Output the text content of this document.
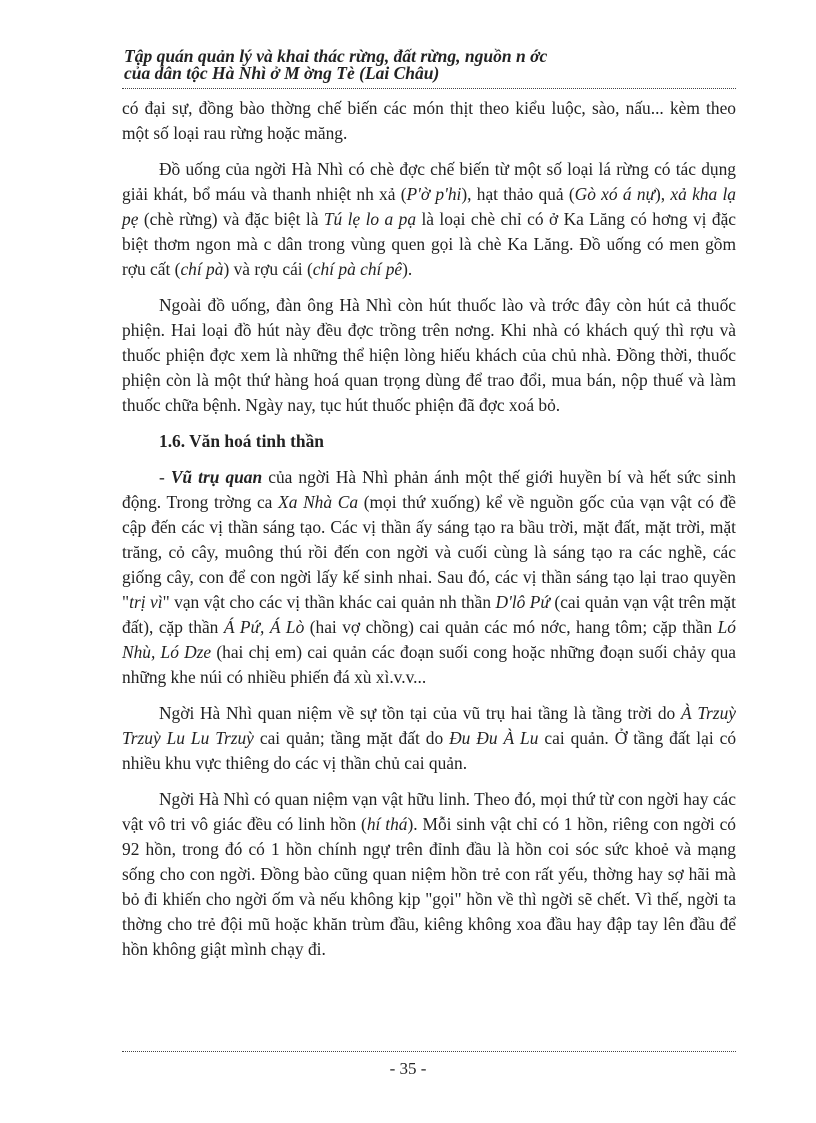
Tập quán quản lý và khai thác rừng, đất rừng, nguồn n ớc
của dân tộc Hà Nhì ở M ờng Tè (Lai Châu)

có đại sự, đồng bào thờng chế biến các món thịt theo kiểu luộc, sào, nấu... kèm theo một số loại rau rừng hoặc măng.

Đồ uống của ngời Hà Nhì có chè đợc chế biến từ một số loại lá rừng có tác dụng giải khát, bổ máu và thanh nhiệt nh xả (P'ờ p'hi), hạt thảo quả (Gò xó á nự), xả kha lạ pẹ (chè rừng) và đặc biệt là Tú lẹ lo a pạ là loại chè chỉ có ở Ka Lăng có hơng vị đặc biệt thơm ngon mà c dân trong vùng quen gọi là chè Ka Lăng. Đồ uống có men gồm rợu cất (chí pà) và rợu cái (chí pà chí pê).

Ngoài đồ uống, đàn ông Hà Nhì còn hút thuốc lào và trớc đây còn hút cả thuốc phiện. Hai loại đồ hút này đều đợc trồng trên nơng. Khi nhà có khách quý thì rợu và thuốc phiện đợc xem là những thể hiện lòng hiếu khách của chủ nhà. Đồng thời, thuốc phiện còn là một thứ hàng hoá quan trọng dùng để trao đổi, mua bán, nộp thuế và làm thuốc chữa bệnh. Ngày nay, tục hút thuốc phiện đã đợc xoá bỏ.

1.6. Văn hoá tinh thần

- Vũ trụ quan của ngời Hà Nhì phản ánh một thế giới huyền bí và hết sức sinh động. Trong trờng ca Xa Nhà Ca (mọi thứ xuống) kể về nguồn gốc của vạn vật có đề cập đến các vị thần sáng tạo. Các vị thần ấy sáng tạo ra bầu trời, mặt đất, mặt trời, mặt trăng, cỏ cây, muông thú rồi đến con ngời và cuối cùng là sáng tạo ra các nghề, các giống cây, con để con ngời lấy kế sinh nhai. Sau đó, các vị thần sáng tạo lại trao quyền "trị vì" vạn vật cho các vị thần khác cai quản nh thần D'lô Pứ (cai quản vạn vật trên mặt đất), cặp thần Á Pứ, Á Lò (hai vợ chồng) cai quản các mó nớc, hang tôm; cặp thần Ló Nhù, Ló Dze (hai chị em) cai quản các đoạn suối cong hoặc những đoạn suối chảy qua những khe núi có nhiều phiến đá xù xì.v.v...

Ngời Hà Nhì quan niệm về sự tồn tại của vũ trụ hai tầng là tầng trời do À Trzuỳ Trzuỳ Lu Lu Trzuỳ cai quản; tầng mặt đất do Đu Đu À Lu cai quản. Ở tầng đất lại có nhiều khu vực thiêng do các vị thần chủ cai quản.

Ngời Hà Nhì có quan niệm vạn vật hữu linh. Theo đó, mọi thứ từ con ngời hay các vật vô tri vô giác đều có linh hồn (hí thá). Mỗi sinh vật chỉ có 1 hồn, riêng con ngời có 92 hồn, trong đó có 1 hồn chính ngự trên đỉnh đầu là hồn coi sóc sức khoẻ và mạng sống cho con ngời. Đồng bào cũng quan niệm hồn trẻ con rất yếu, thờng hay sợ hãi mà bỏ đi khiến cho ngời ốm và nếu không kịp "gọi" hồn về thì ngời sẽ chết. Vì thế, ngời ta thờng cho trẻ đội mũ hoặc khăn trùm đầu, kiêng không xoa đầu hay đập tay lên đầu để hồn không giật mình chạy đi.

- 35 -
